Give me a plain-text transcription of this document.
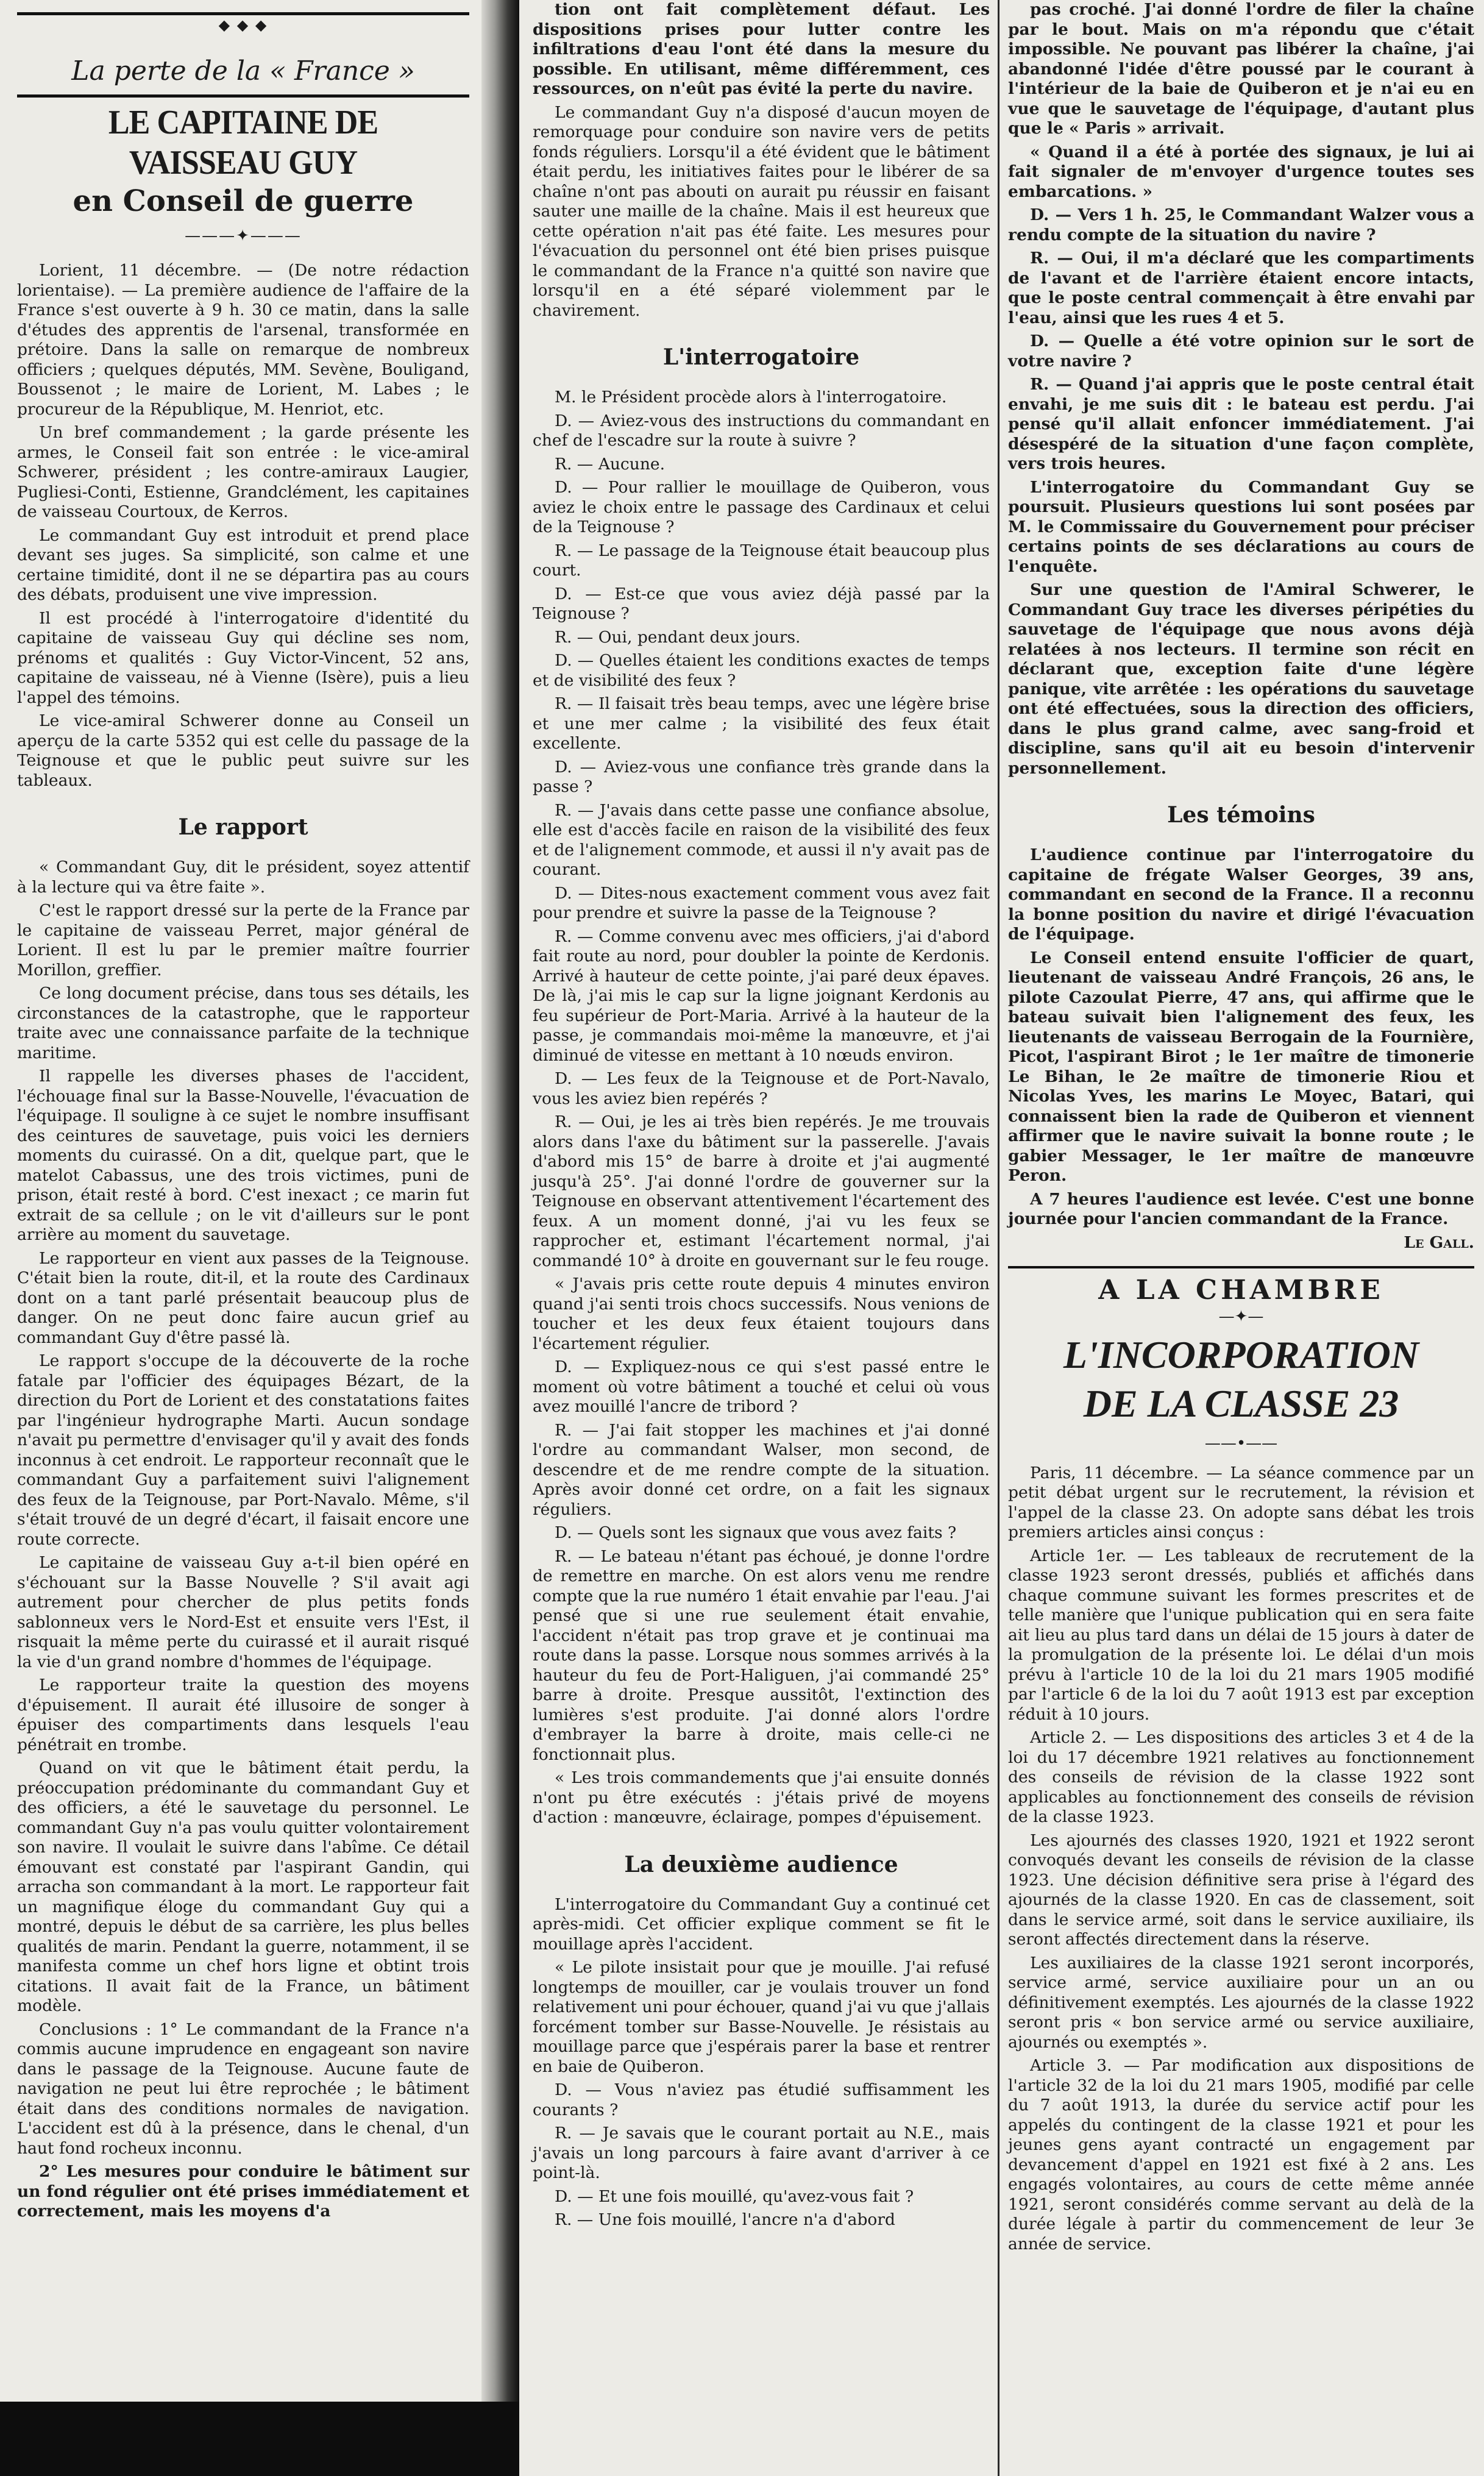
◆ ◆ ◆
La perte de la « France »
LE CAPITAINE DE VAISSEAU GUY
en Conseil de guerre
———✦———

Lorient, 11 décembre. — (De notre rédaction lorientaise). — La première audience de l'affaire de la France s'est ouverte à 9 h. 30 ce matin, dans la salle d'études des apprentis de l'arsenal, transformée en prétoire. Dans la salle on remarque de nombreux officiers ; quelques députés, MM. Sevène, Bouligand, Boussenot ; le maire de Lorient, M. Labes ; le procureur de la République, M. Henriot, etc.

Un bref commandement ; la garde présente les armes, le Conseil fait son entrée : le vice-amiral Schwerer, président ; les contre-amiraux Laugier, Pugliesi-Conti, Estienne, Grandclément, les capitaines de vaisseau Courtoux, de Kerros.

Le commandant Guy est introduit et prend place devant ses juges. Sa simplicité, son calme et une certaine timidité, dont il ne se départira pas au cours des débats, produisent une vive impression.

Il est procédé à l'interrogatoire d'identité du capitaine de vaisseau Guy qui décline ses nom, prénoms et qualités : Guy Victor-Vincent, 52 ans, capitaine de vaisseau, né à Vienne (Isère), puis a lieu l'appel des témoins.

Le vice-amiral Schwerer donne au Conseil un aperçu de la carte 5352 qui est celle du passage de la Teignouse et que le public peut suivre sur les tableaux.

Le rapport

« Commandant Guy, dit le président, soyez attentif à la lecture qui va être faite ».

C'est le rapport dressé sur la perte de la France par le capitaine de vaisseau Perret, major général de Lorient. Il est lu par le premier maître fourrier Morillon, greffier.

Ce long document précise, dans tous ses détails, les circonstances de la catastrophe, que le rapporteur traite avec une connaissance parfaite de la technique maritime.

Il rappelle les diverses phases de l'accident, l'échouage final sur la Basse-Nouvelle, l'évacuation de l'équipage. Il souligne à ce sujet le nombre insuffisant des ceintures de sauvetage, puis voici les derniers moments du cuirassé. On a dit, quelque part, que le matelot Cabassus, une des trois victimes, puni de prison, était resté à bord. C'est inexact ; ce marin fut extrait de sa cellule ; on le vit d'ailleurs sur le pont arrière au moment du sauvetage.

Le rapporteur en vient aux passes de la Teignouse. C'était bien la route, dit-il, et la route des Cardinaux dont on a tant parlé présentait beaucoup plus de danger. On ne peut donc faire aucun grief au commandant Guy d'être passé là.

Le rapport s'occupe de la découverte de la roche fatale par l'officier des équipages Bézart, de la direction du Port de Lorient et des constatations faites par l'ingénieur hydrographe Marti. Aucun sondage n'avait pu permettre d'envisager qu'il y avait des fonds inconnus à cet endroit. Le rapporteur reconnaît que le commandant Guy a parfaitement suivi l'alignement des feux de la Teignouse, par Port-Navalo. Même, s'il s'était trouvé de un degré d'écart, il faisait encore une route correcte.

Le capitaine de vaisseau Guy a-t-il bien opéré en s'échouant sur la Basse Nouvelle ? S'il avait agi autrement pour chercher de plus petits fonds sablonneux vers le Nord-Est et ensuite vers l'Est, il risquait la même perte du cuirassé et il aurait risqué la vie d'un grand nombre d'hommes de l'équipage.

Le rapporteur traite la question des moyens d'épuisement. Il aurait été illusoire de songer à épuiser des compartiments dans lesquels l'eau pénétrait en trombe.

Quand on vit que le bâtiment était perdu, la préoccupation prédominante du commandant Guy et des officiers, a été le sauvetage du personnel. Le commandant Guy n'a pas voulu quitter volontairement son navire. Il voulait le suivre dans l'abîme. Ce détail émouvant est constaté par l'aspirant Gandin, qui arracha son commandant à la mort. Le rapporteur fait un magnifique éloge du commandant Guy qui a montré, depuis le début de sa carrière, les plus belles qualités de marin. Pendant la guerre, notamment, il se manifesta comme un chef hors ligne et obtint trois citations. Il avait fait de la France, un bâtiment modèle.

Conclusions : 1° Le commandant de la France n'a commis aucune imprudence en engageant son navire dans le passage de la Teignouse. Aucune faute de navigation ne peut lui être reprochée ; le bâtiment était dans des conditions normales de navigation. L'accident est dû à la présence, dans le chenal, d'un haut fond rocheux inconnu.

2° Les mesures pour conduire le bâtiment sur un fond régulier ont été prises immédiatement et correctement, mais les moyens d'a

tion ont fait complètement défaut. Les dispositions prises pour lutter contre les infiltrations d'eau l'ont été dans la mesure du possible. En utilisant, même différemment, ces ressources, on n'eût pas évité la perte du navire.

Le commandant Guy n'a disposé d'aucun moyen de remorquage pour conduire son navire vers de petits fonds réguliers. Lorsqu'il a été évident que le bâtiment était perdu, les initiatives faites pour le libérer de sa chaîne n'ont pas abouti on aurait pu réussir en faisant sauter une maille de la chaîne. Mais il est heureux que cette opération n'ait pas été faite. Les mesures pour l'évacuation du personnel ont été bien prises puisque le commandant de la France n'a quitté son navire que lorsqu'il en a été séparé violemment par le chavirement.

L'interrogatoire

M. le Président procède alors à l'interrogatoire.

D. — Aviez-vous des instructions du commandant en chef de l'escadre sur la route à suivre ?

R. — Aucune.

D. — Pour rallier le mouillage de Quiberon, vous aviez le choix entre le passage des Cardinaux et celui de la Teignouse ?

R. — Le passage de la Teignouse était beaucoup plus court.

D. — Est-ce que vous aviez déjà passé par la Teignouse ?

R. — Oui, pendant deux jours.

D. — Quelles étaient les conditions exactes de temps et de visibilité des feux ?

R. — Il faisait très beau temps, avec une légère brise et une mer calme ; la visibilité des feux était excellente.

D. — Aviez-vous une confiance très grande dans la passe ?

R. — J'avais dans cette passe une confiance absolue, elle est d'accès facile en raison de la visibilité des feux et de l'alignement commode, et aussi il n'y avait pas de courant.

D. — Dites-nous exactement comment vous avez fait pour prendre et suivre la passe de la Teignouse ?

R. — Comme convenu avec mes officiers, j'ai d'abord fait route au nord, pour doubler la pointe de Kerdonis. Arrivé à hauteur de cette pointe, j'ai paré deux épaves. De là, j'ai mis le cap sur la ligne joignant Kerdonis au feu supérieur de Port-Maria. Arrivé à la hauteur de la passe, je commandais moi-même la manœuvre, et j'ai diminué de vitesse en mettant à 10 nœuds environ.

D. — Les feux de la Teignouse et de Port-Navalo, vous les aviez bien repérés ?

R. — Oui, je les ai très bien repérés. Je me trouvais alors dans l'axe du bâtiment sur la passerelle. J'avais d'abord mis 15° de barre à droite et j'ai augmenté jusqu'à 25°. J'ai donné l'ordre de gouverner sur la Teignouse en observant attentivement l'écartement des feux. A un moment donné, j'ai vu les feux se rapprocher et, estimant l'écartement normal, j'ai commandé 10° à droite en gouvernant sur le feu rouge.

« J'avais pris cette route depuis 4 minutes environ quand j'ai senti trois chocs successifs. Nous venions de toucher et les deux feux étaient toujours dans l'écartement régulier.

D. — Expliquez-nous ce qui s'est passé entre le moment où votre bâtiment a touché et celui où vous avez mouillé l'ancre de tribord ?

R. — J'ai fait stopper les machines et j'ai donné l'ordre au commandant Walser, mon second, de descendre et de me rendre compte de la situation. Après avoir donné cet ordre, on a fait les signaux réguliers.

D. — Quels sont les signaux que vous avez faits ?

R. — Le bateau n'étant pas échoué, je donne l'ordre de remettre en marche. On est alors venu me rendre compte que la rue numéro 1 était envahie par l'eau. J'ai pensé que si une rue seulement était envahie, l'accident n'était pas trop grave et je continuai ma route dans la passe. Lorsque nous sommes arrivés à la hauteur du feu de Port-Haliguen, j'ai commandé 25° barre à droite. Presque aussitôt, l'extinction des lumières s'est produite. J'ai donné alors l'ordre d'embrayer la barre à droite, mais celle-ci ne fonctionnait plus.

« Les trois commandements que j'ai ensuite donnés n'ont pu être exécutés : j'étais privé de moyens d'action : manœuvre, éclairage, pompes d'épuisement.

La deuxième audience

L'interrogatoire du Commandant Guy a continué cet après-midi. Cet officier explique comment se fit le mouillage après l'accident.

« Le pilote insistait pour que je mouille. J'ai refusé longtemps de mouiller, car je voulais trouver un fond relativement uni pour échouer, quand j'ai vu que j'allais forcément tomber sur Basse-Nouvelle. Je résistais au mouillage parce que j'espérais parer la base et rentrer en baie de Quiberon.

D. — Vous n'aviez pas étudié suffisamment les courants ?

R. — Je savais que le courant portait au N.E., mais j'avais un long parcours à faire avant d'arriver à ce point-là.

D. — Et une fois mouillé, qu'avez-vous fait ?

R. — Une fois mouillé, l'ancre n'a d'abord

pas croché. J'ai donné l'ordre de filer la chaîne par le bout. Mais on m'a répondu que c'était impossible. Ne pouvant pas libérer la chaîne, j'ai abandonné l'idée d'être poussé par le courant à l'intérieur de la baie de Quiberon et je n'ai eu en vue que le sauvetage de l'équipage, d'autant plus que le « Paris » arrivait.

« Quand il a été à portée des signaux, je lui ai fait signaler de m'envoyer d'urgence toutes ses embarcations. »

D. — Vers 1 h. 25, le Commandant Walzer vous a rendu compte de la situation du navire ?

R. — Oui, il m'a déclaré que les compartiments de l'avant et de l'arrière étaient encore intacts, que le poste central commençait à être envahi par l'eau, ainsi que les rues 4 et 5.

D. — Quelle a été votre opinion sur le sort de votre navire ?

R. — Quand j'ai appris que le poste central était envahi, je me suis dit : le bateau est perdu. J'ai pensé qu'il allait enfoncer immédiatement. J'ai désespéré de la situation d'une façon complète, vers trois heures.

L'interrogatoire du Commandant Guy se poursuit. Plusieurs questions lui sont posées par M. le Commissaire du Gouvernement pour préciser certains points de ses déclarations au cours de l'enquête.

Sur une question de l'Amiral Schwerer, le Commandant Guy trace les diverses péripéties du sauvetage de l'équipage que nous avons déjà relatées à nos lecteurs. Il termine son récit en déclarant que, exception faite d'une légère panique, vite arrêtée : les opérations du sauvetage ont été effectuées, sous la direction des officiers, dans le plus grand calme, avec sang-froid et discipline, sans qu'il ait eu besoin d'intervenir personnellement.

Les témoins

L'audience continue par l'interrogatoire du capitaine de frégate Walser Georges, 39 ans, commandant en second de la France. Il a reconnu la bonne position du navire et dirigé l'évacuation de l'équipage.

Le Conseil entend ensuite l'officier de quart, lieutenant de vaisseau André François, 26 ans, le pilote Cazoulat Pierre, 47 ans, qui affirme que le bateau suivait bien l'alignement des feux, les lieutenants de vaisseau Berrogain de la Fournière, Picot, l'aspirant Birot ; le 1er maître de timonerie Le Bihan, le 2e maître de timonerie Riou et Nicolas Yves, les marins Le Moyec, Batari, qui connaissent bien la rade de Quiberon et viennent affirmer que le navire suivait la bonne route ; le gabier Messager, le 1er maître de manœuvre Peron.

A 7 heures l'audience est levée. C'est une bonne journée pour l'ancien commandant de la France.

Le Gall.
A LA CHAMBRE
—✦—
L'INCORPORATION
DE LA CLASSE 23
——•——

Paris, 11 décembre. — La séance commence par un petit débat urgent sur le recrutement, la révision et l'appel de la classe 23. On adopte sans débat les trois premiers articles ainsi conçus :

Article 1er. — Les tableaux de recrutement de la classe 1923 seront dressés, publiés et affichés dans chaque commune suivant les formes prescrites et de telle manière que l'unique publication qui en sera faite ait lieu au plus tard dans un délai de 15 jours à dater de la promulgation de la présente loi. Le délai d'un mois prévu à l'article 10 de la loi du 21 mars 1905 modifié par l'article 6 de la loi du 7 août 1913 est par exception réduit à 10 jours.

Article 2. — Les dispositions des articles 3 et 4 de la loi du 17 décembre 1921 relatives au fonctionnement des conseils de révision de la classe 1922 sont applicables au fonctionnement des conseils de révision de la classe 1923.

Les ajournés des classes 1920, 1921 et 1922 seront convoqués devant les conseils de révision de la classe 1923. Une décision définitive sera prise à l'égard des ajournés de la classe 1920. En cas de classement, soit dans le service armé, soit dans le service auxiliaire, ils seront affectés directement dans la réserve.

Les auxiliaires de la classe 1921 seront incorporés, service armé, service auxiliaire pour un an ou définitivement exemptés. Les ajournés de la classe 1922 seront pris « bon service armé ou service auxiliaire, ajournés ou exemptés ».

Article 3. — Par modification aux dispositions de l'article 32 de la loi du 21 mars 1905, modifié par celle du 7 août 1913, la durée du service actif pour les appelés du contingent de la classe 1921 et pour les jeunes gens ayant contracté un engagement par devancement d'appel en 1921 est fixé à 2 ans. Les engagés volontaires, au cours de cette même année 1921, seront considérés comme servant au delà de la durée légale à partir du commencement de leur 3e année de service.
